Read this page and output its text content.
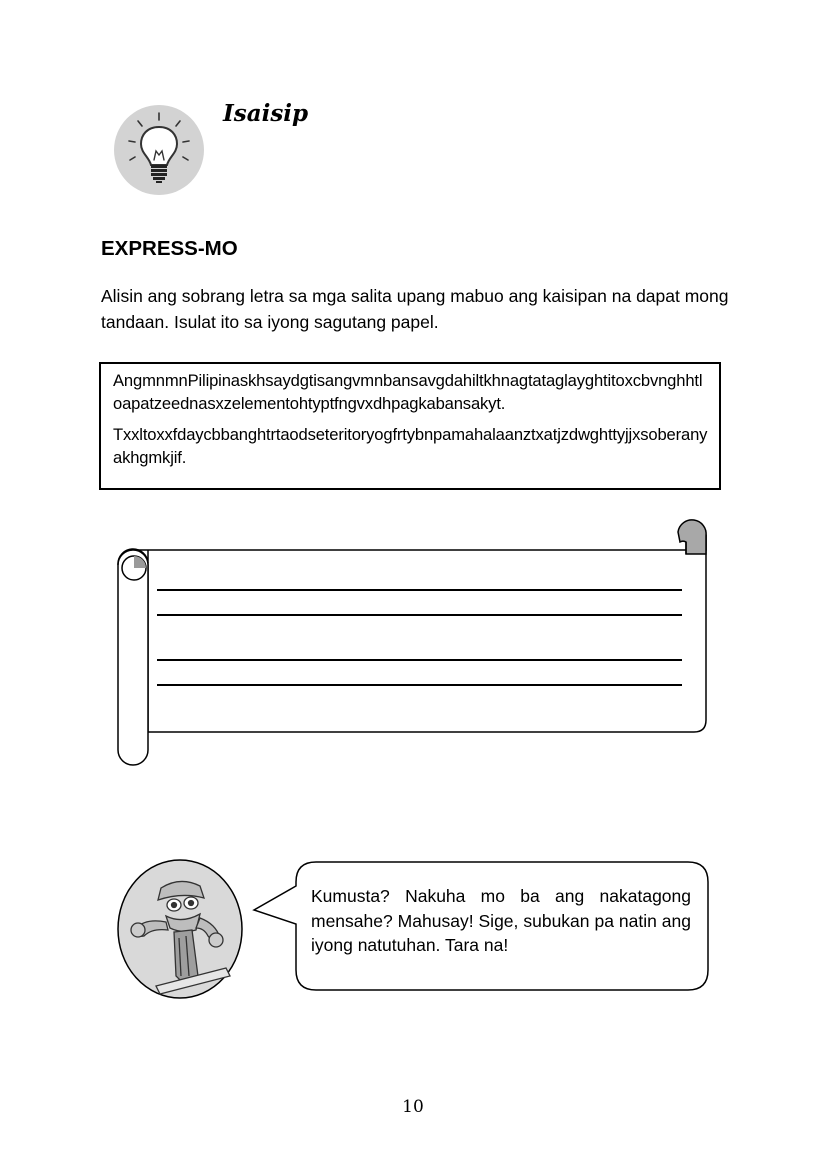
Isaisip
EXPRESS-MO

Alisin ang sobrang letra sa mga salita upang mabuo ang kaisipan na dapat mong tandaan. Isulat ito sa iyong sagutang papel.

AngmnmnPilipinaskhsaydgtisangvmnbansavgdahiltkhnagtataglayghtitoxcbvnghhtloapatzeednasxzelementohtyptfngvxdhpagkabansakyt.

Txxltoxxfdaycbbanghtrtaodseteritoryogfrtybnpamahalaanztxatjzdwghttyjjxsoberanyakhgmkjif.

Kumusta? Nakuha mo ba ang nakatagong mensahe? Mahusay! Sige, subukan pa natin ang iyong natutuhan. Tara na!

10
